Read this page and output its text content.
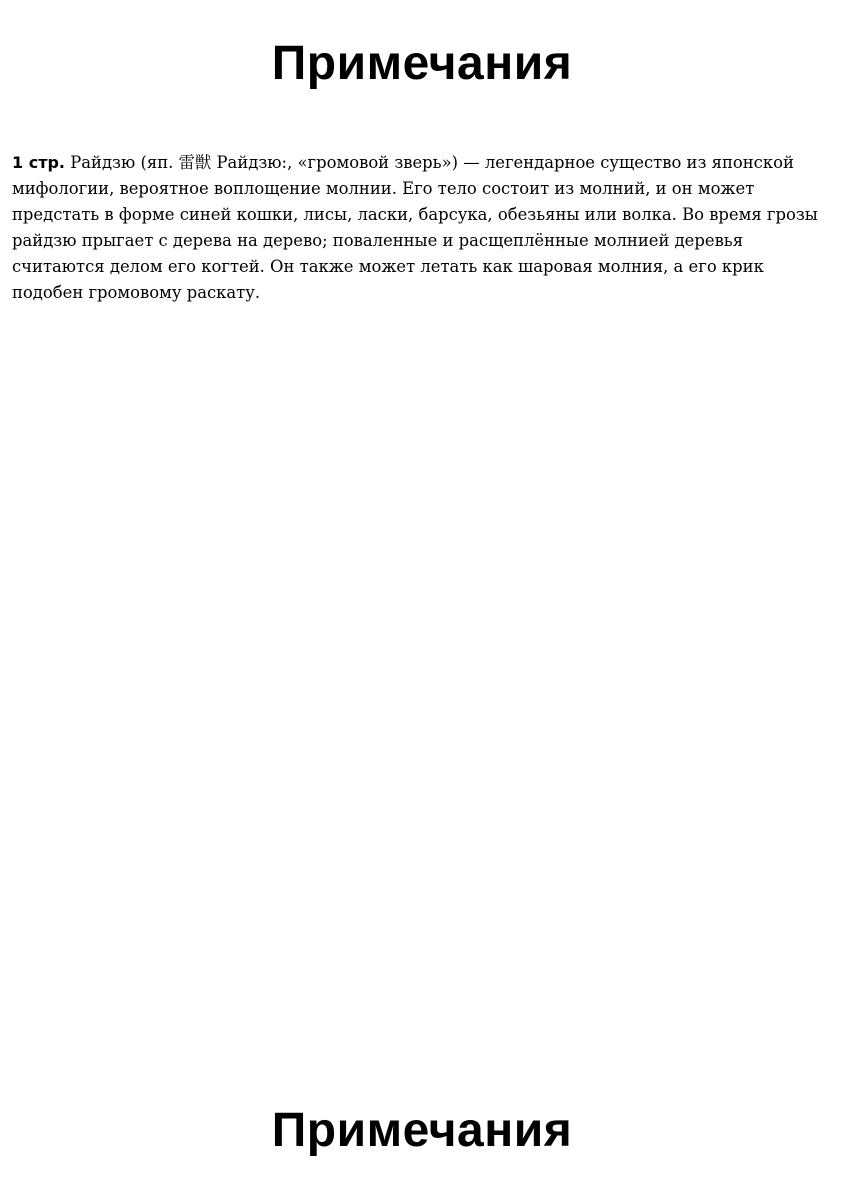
Примечания

1 стр. Райдзю (яп. 雷獣 Райдзю:, «громовой зверь») — легендарное существо из японской мифологии, вероятное воплощение молнии. Его тело состоит из молний, и он может предстать в форме синей кошки, лисы, ласки, барсука, обезьяны или волка. Во время грозы райдзю прыгает с дерева на дерево; поваленные и расщеплённые молнией деревья считаются делом его когтей. Он также может летать как шаровая молния, а его крик подобен громовому раскату.

Примечания
